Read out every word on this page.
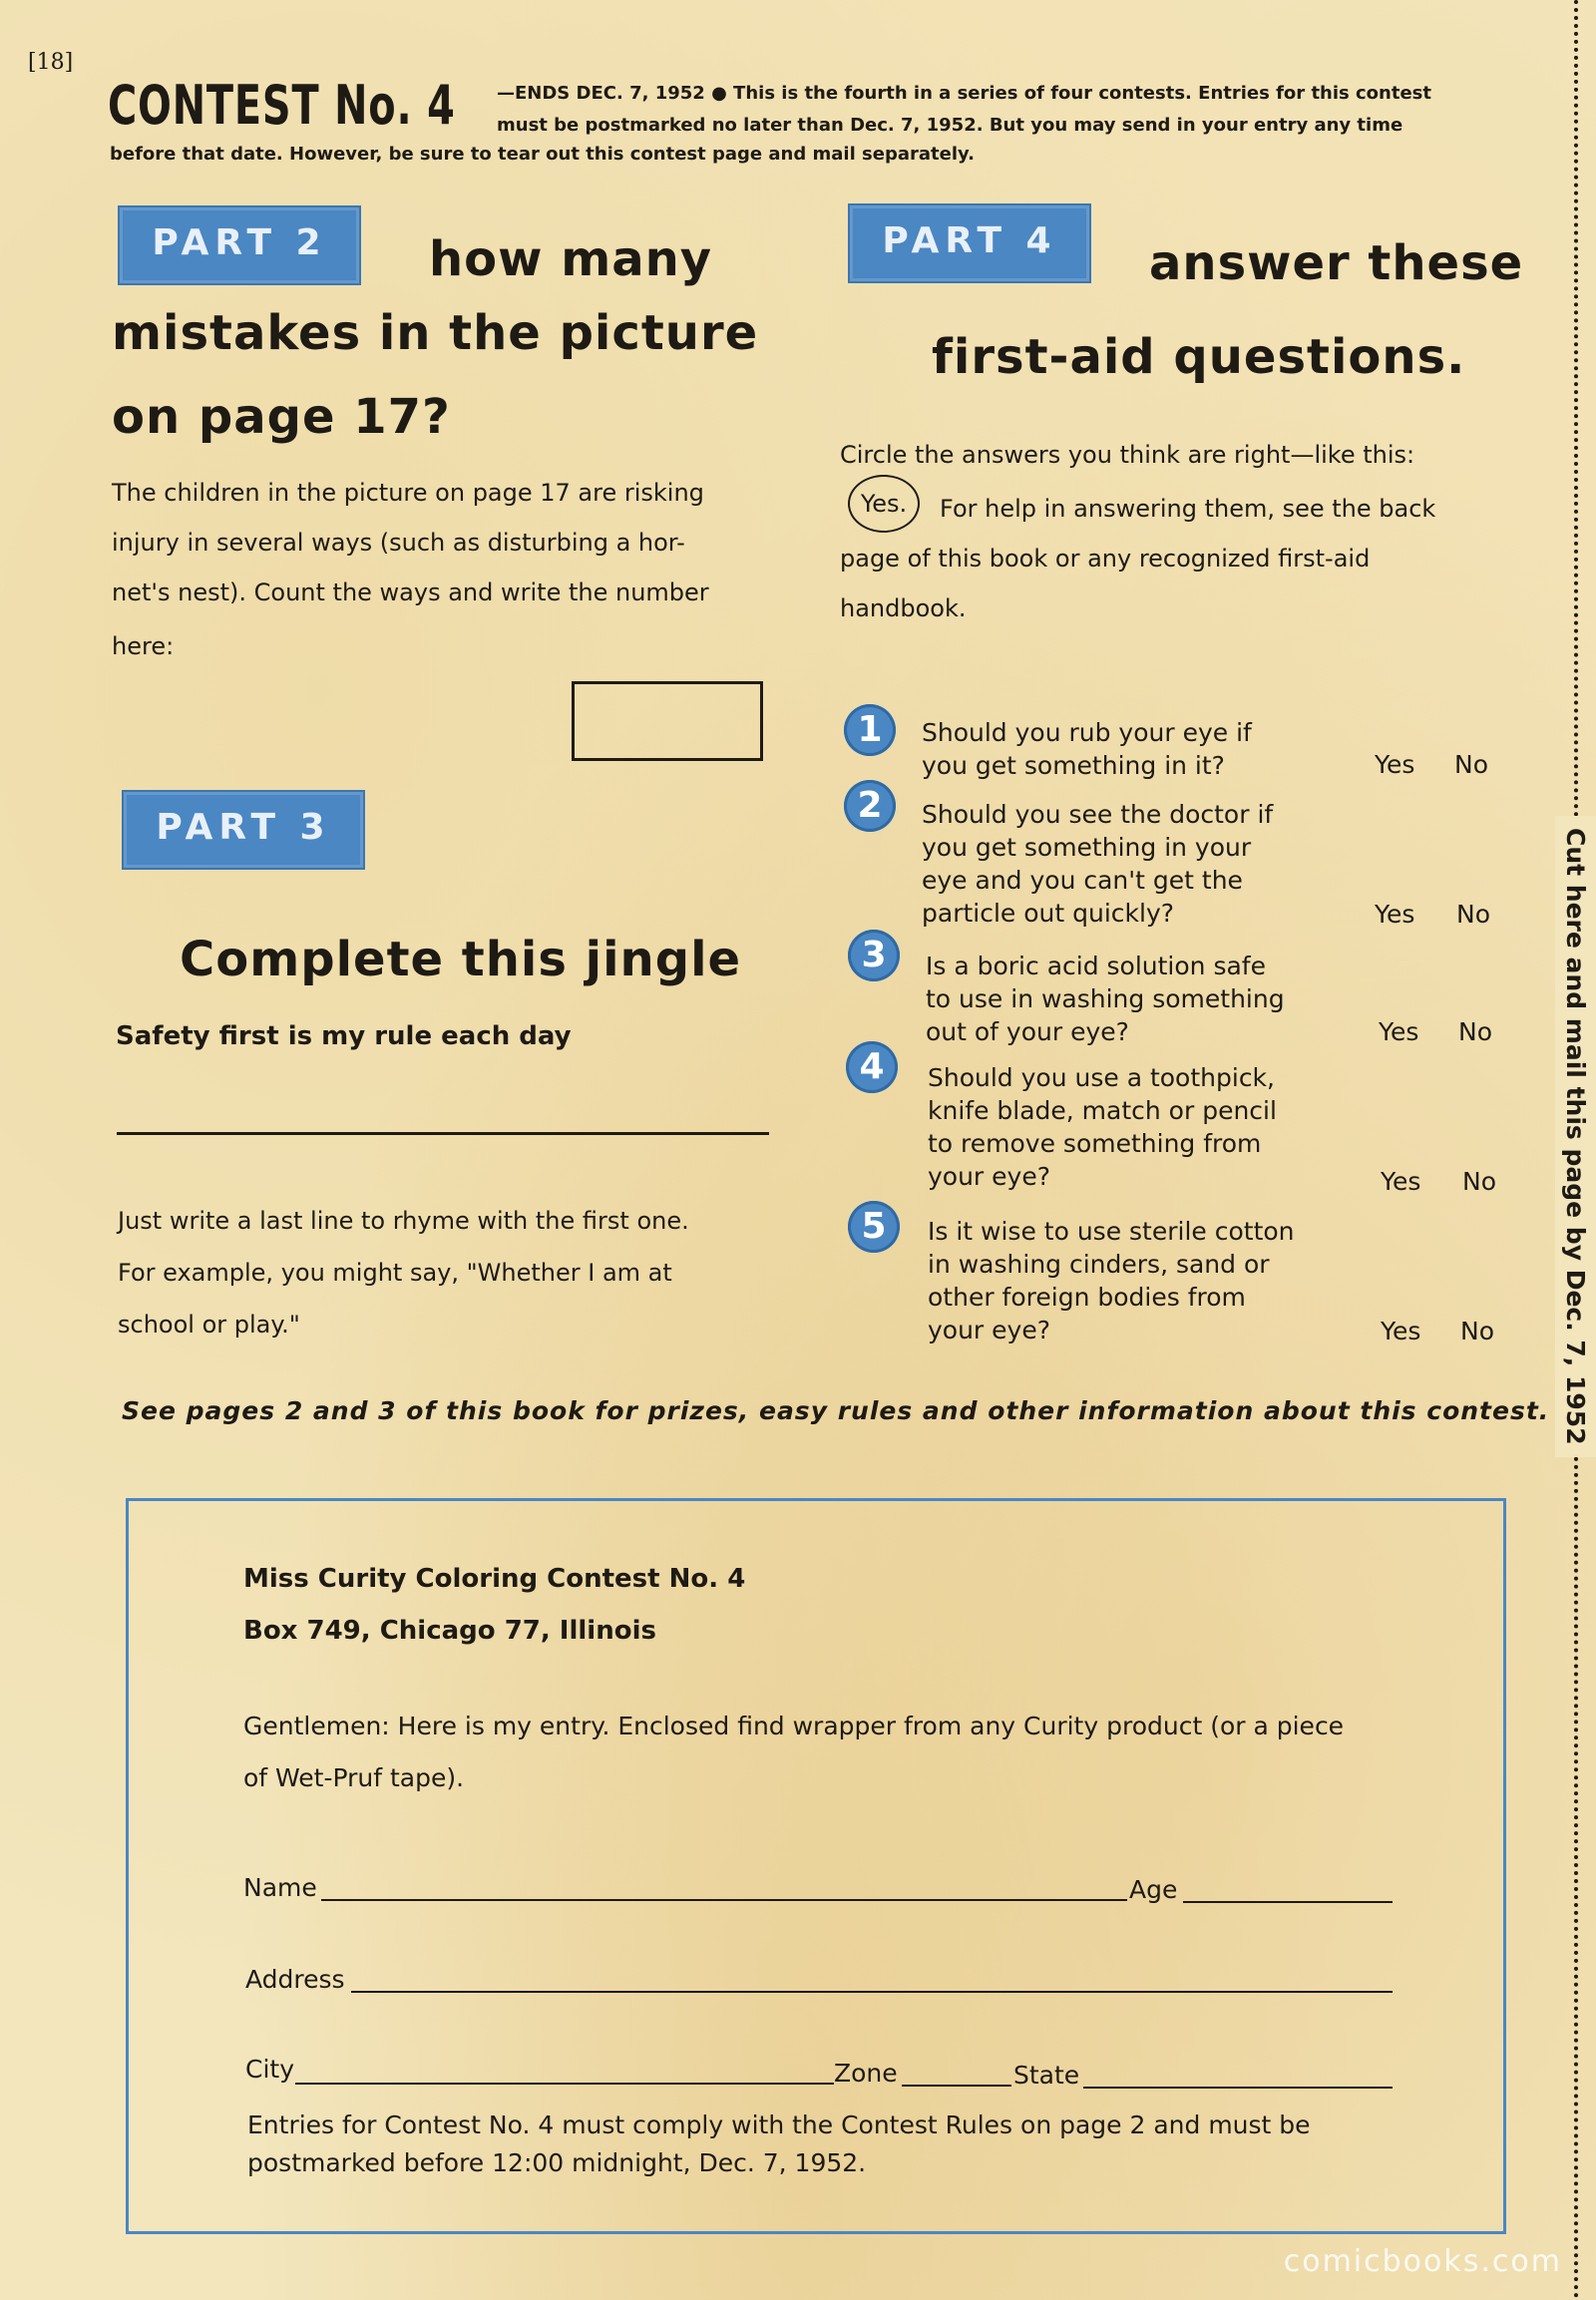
[18]
CONTEST No. 4 —ENDS DEC. 7, 1952 ● This is the fourth in a series of four contests. Entries for this contest must be postmarked no later than Dec. 7, 1952. But you may send in your entry any time
before that date. However, be sure to tear out this contest page and mail separately.
PART 2	how many
mistakes in the picture
on page 17?
The children in the picture on page 17 are risking
injury in several ways (such as disturbing a hor-
net's nest). Count the ways and write the number
here:
PART 3
Complete this jingle
Safety first is my rule each day
Just write a last line to rhyme with the first one.
For example, you might say, "Whether I am at
school or play."
PART 4	answer these
first-aid questions.
Circle the answers you think are right—like this:
Yes.	For help in answering them, see the back
page of this book or any recognized first-aid
handbook.
1	Should you rub your eye if
you get something in it?	Yes No
2	Should you see the doctor if
you get something in your
eye and you can't get the
particle out quickly?	Yes No
3	Is a boric acid solution safe
to use in washing something
out of your eye?	Yes No
4	Should you use a toothpick,
knife blade, match or pencil
to remove something from
your eye?	Yes No
5	Is it wise to use sterile cotton
in washing cinders, sand or
other foreign bodies from
your eye?	Yes No
See pages 2 and 3 of this book for prizes, easy rules and other information about this contest.
Miss Curity Coloring Contest No. 4
Box 749, Chicago 77, Illinois
Gentlemen: Here is my entry. Enclosed find wrapper from any Curity product (or a piece
of Wet-Pruf tape).
Name	Age
Address
City	Zone	State
Entries for Contest No. 4 must comply with the Contest Rules on page 2 and must be
postmarked before 12:00 midnight, Dec. 7, 1952.
Cut here and mail this page by Dec. 7, 1952
comicbooks.com
